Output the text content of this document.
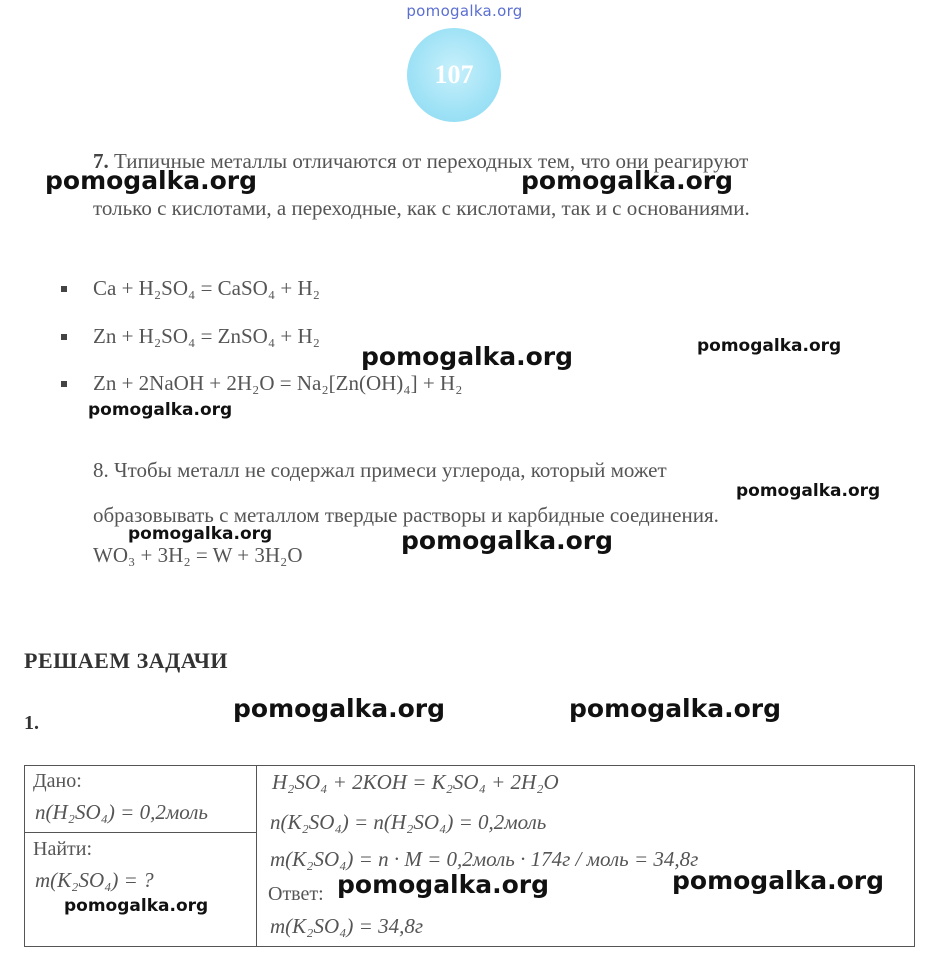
pomogalka.org
107
7. Типичные металлы отличаются от переходных тем, что они реагируют
только с кислотами, а переходные, как с кислотами, так и с основаниями.
Ca + H₂SO₄ = CaSO₄ + H₂
Zn + H₂SO₄ = ZnSO₄ + H₂
Zn + 2NaOH + 2H₂O = Na₂[Zn(OH)₄] + H₂
8. Чтобы металл не содержал примеси углерода, который может
образовывать с металлом твердые растворы и карбидные соединения.
WO₃ + 3H₂ = W + 3H₂O
РЕШАЕМ ЗАДАЧИ
1.
Дано:
n(H₂SO₄) = 0,2моль
Найти:
m(K₂SO₄) = ?
H₂SO₄ + 2KOH = K₂SO₄ + 2H₂O
n(K₂SO₄) = n(H₂SO₄) = 0,2моль
m(K₂SO₄) = n · M = 0,2моль · 174г / моль = 34,8г
Ответ:
m(K₂SO₄) = 34,8г
pomogalka.org	pomogalka.org
pomogalka.org	pomogalka.org
pomogalka.org
pomogalka.org
pomogalka.org	pomogalka.org
pomogalka.org	pomogalka.org
pomogalka.org	pomogalka.org
pomogalka.org
